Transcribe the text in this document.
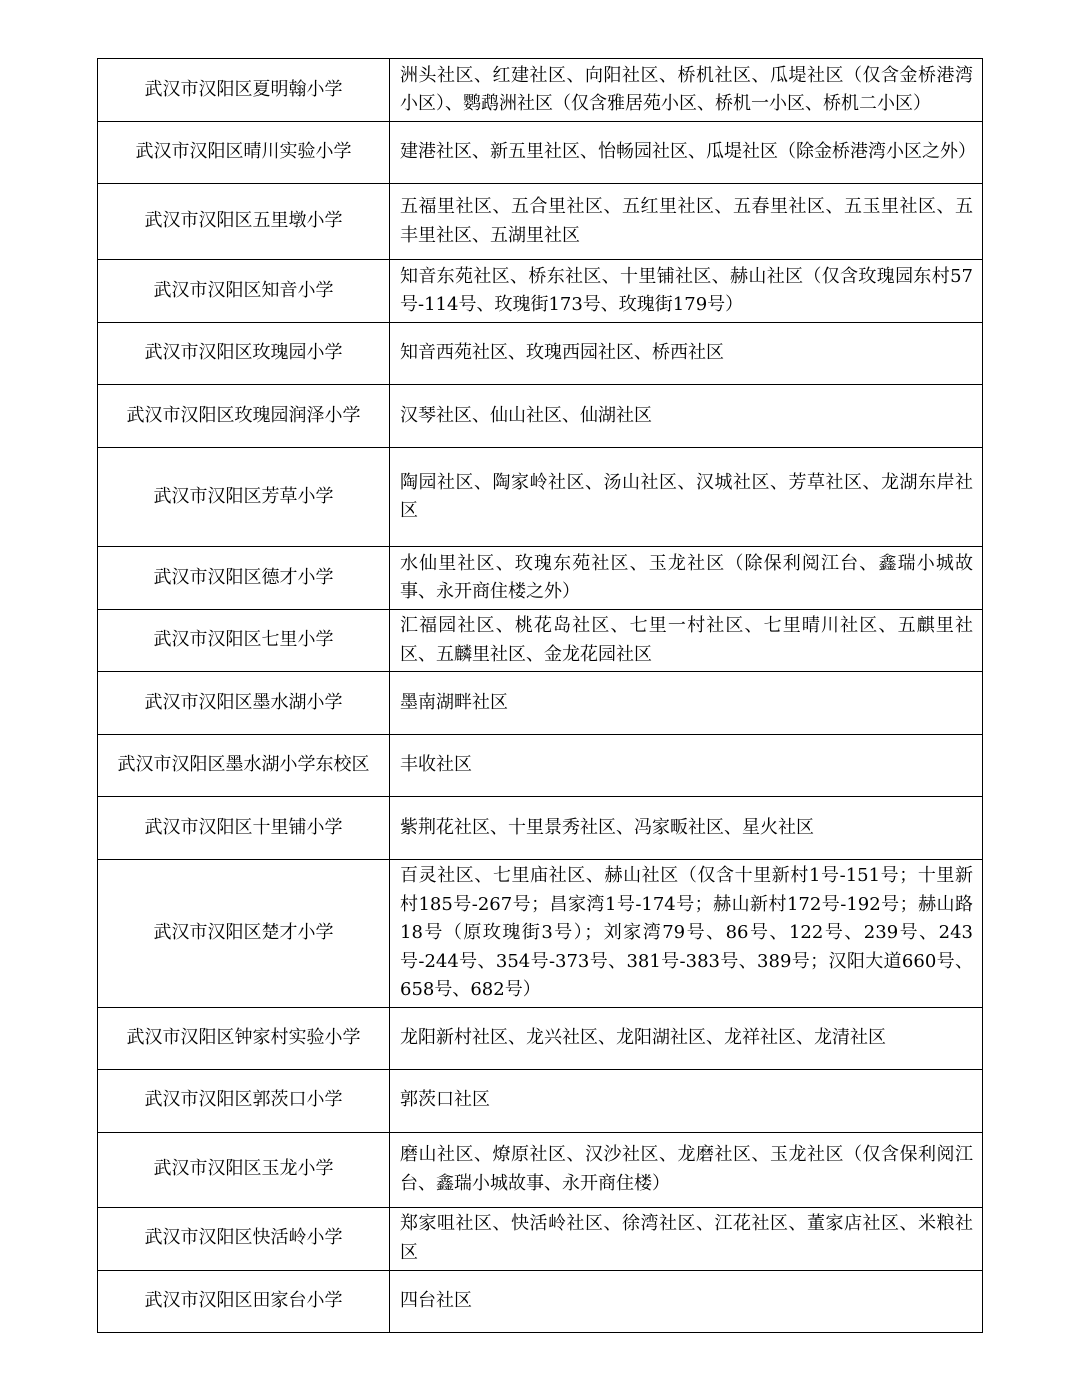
武汉市汉阳区夏明翰小学	洲头社区、红建社区、向阳社区、桥机社区、瓜堤社区（仅含金桥港湾小区）、鹦鹉洲社区（仅含雅居苑小区、桥机一小区、桥机二小区）
武汉市汉阳区晴川实验小学	建港社区、新五里社区、怡畅园社区、瓜堤社区（除金桥港湾小区之外）
武汉市汉阳区五里墩小学	五福里社区、五合里社区、五红里社区、五春里社区、五玉里社区、五丰里社区、五湖里社区
武汉市汉阳区知音小学	知音东苑社区、桥东社区、十里铺社区、赫山社区（仅含玫瑰园东村57号-114号、玫瑰街173号、玫瑰街179号）
武汉市汉阳区玫瑰园小学	知音西苑社区、玫瑰西园社区、桥西社区
武汉市汉阳区玫瑰园润泽小学	汉琴社区、仙山社区、仙湖社区
武汉市汉阳区芳草小学	陶园社区、陶家岭社区、汤山社区、汉城社区、芳草社区、龙湖东岸社区
武汉市汉阳区德才小学	水仙里社区、玫瑰东苑社区、玉龙社区（除保利阅江台、鑫瑞小城故事、永开商住楼之外）
武汉市汉阳区七里小学	汇福园社区、桃花岛社区、七里一村社区、七里晴川社区、五麒里社区、五麟里社区、金龙花园社区
武汉市汉阳区墨水湖小学	墨南湖畔社区
武汉市汉阳区墨水湖小学东校区	丰收社区
武汉市汉阳区十里铺小学	紫荆花社区、十里景秀社区、冯家畈社区、星火社区
武汉市汉阳区楚才小学	百灵社区、七里庙社区、赫山社区（仅含十里新村1号-151号；十里新村185号-267号；昌家湾1号-174号；赫山新村172号-192号；赫山路18号（原玫瑰街3号）；刘家湾79号、86号、122号、239号、243号-244号、354号-373号、381号-383号、389号；汉阳大道660号、658号、682号）
武汉市汉阳区钟家村实验小学	龙阳新村社区、龙兴社区、龙阳湖社区、龙祥社区、龙清社区
武汉市汉阳区郭茨口小学	郭茨口社区
武汉市汉阳区玉龙小学	磨山社区、燎原社区、汉沙社区、龙磨社区、玉龙社区（仅含保利阅江台、鑫瑞小城故事、永开商住楼）
武汉市汉阳区快活岭小学	郑家咀社区、快活岭社区、徐湾社区、江花社区、董家店社区、米粮社区
武汉市汉阳区田家台小学	四台社区
